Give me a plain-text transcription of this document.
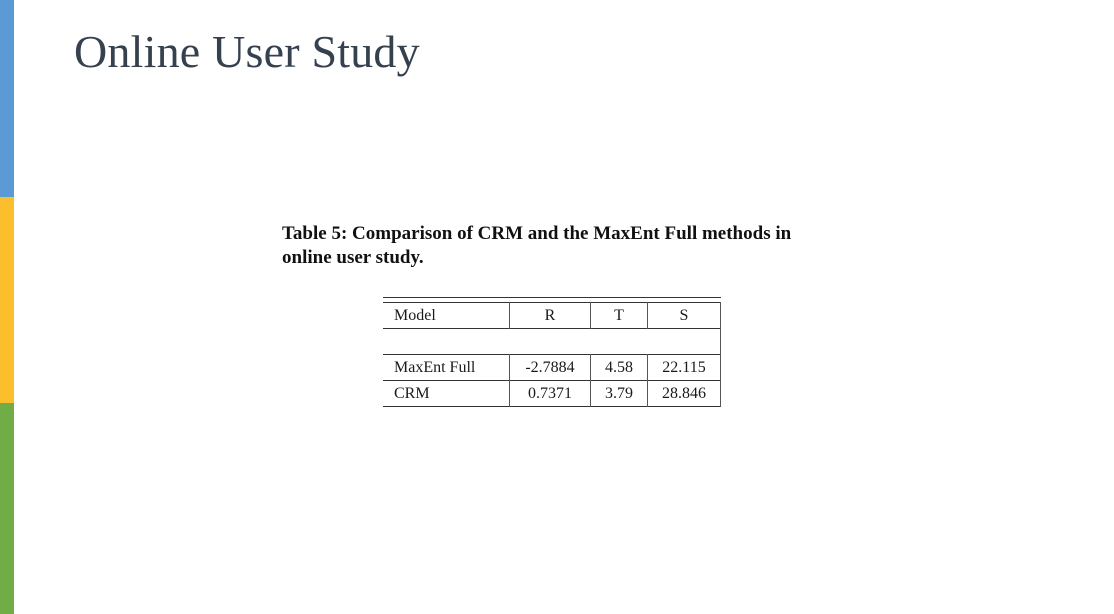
Online User Study

Table 5: Comparison of CRM and the MaxEnt Full methods in online user study.

Model	R	T	S

MaxEnt Full	-2.7884	4.58	22.115
CRM	0.7371	3.79	28.846
